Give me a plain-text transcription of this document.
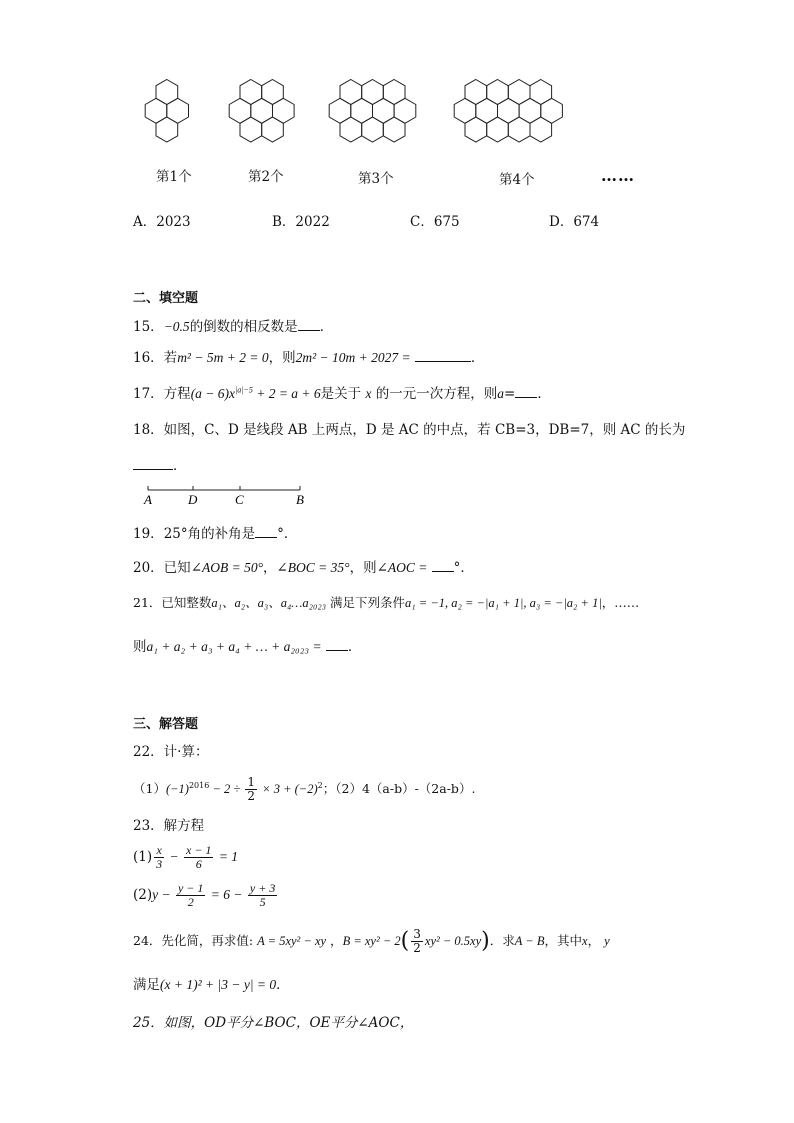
第1个	第2个	第3个	第4个	……
A．2023	B．2022	C．675	D．674
二、填空题
15．−0.5的倒数的相反数是 ．
16．若m² − 5m + 2 = 0，则2m² − 10m + 2027 =	．
17．方程$(a - 6)x^{|a|-5} + 2 = a + 6$是关于 x 的一元一次方程，则a= ．
18．如图，C、D 是线段 AB 上两点，D 是 AC 的中点，若 CB=3，DB=7，则 AC 的长为
．
A	D	C	B
19．25°角的补角是 °．
20．已知∠AOB = 50°，∠BOC = 35°，则∠AOC = °．
21．已知整数a₁、a₂、a₃、a₄…a₂₀₂₃ 满足下列条件a₁ = −1, a₂ = −|a₁ + 1|, a₃ = −|a₂ + 1|，……
则a₁ + a₂ + a₃ + a₄ + … + a₂₀₂₃ = ．
三、解答题
22．计·算：
$(1)(-1)^{2016} - 2 \div \frac{1}{2} \times 3 + (-2)^2$；（2）4（a-b）-（2a-b）.
23．解方程
$(1) \frac{x}{3} - \frac{x - 1}{6} = 1$
$(2)y - \frac{y - 1}{2} = 6 - \frac{y + 3}{5}$
24．先化简，再求值: A = 5xy² − xy ，$B = xy^2 - 2( \frac{3}{2} xy^2 - 0.5xy)$．求A − B，其中x， y
满足(x + 1)² + |3 − y| = 0．
25．如图，OD平分∠BOC，OE平分∠AOC，
